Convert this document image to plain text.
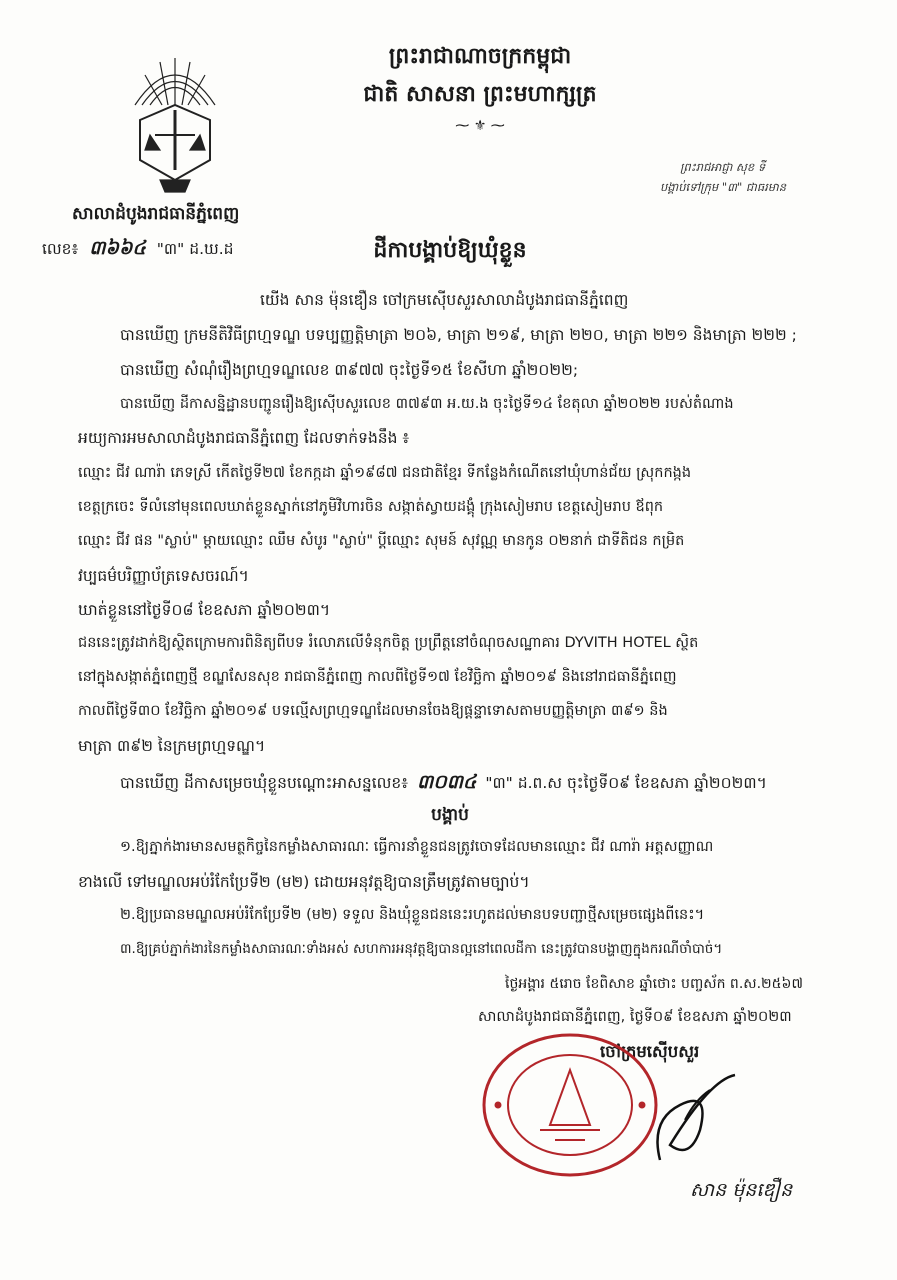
សាលាដំបូងរាជធានីភ្នំពេញ
ព្រះរាជាណាចក្រកម្ពុជា
ជាតិ សាសនា ព្រះមហាក្សត្រ
⁓ ⚜ ⁓
ព្រះរាជអាជ្ញា សុខ ទី
បង្គាប់ទៅក្រុម "៣" ជាធរមាន
លេខ៖ ៣៦៦៤ "៣" ដ.ឃ.ដ	ដីកាបង្គាប់ឱ្យឃុំខ្លួន
យើង សាន ម៉ុនឌឿន ចៅក្រមស៊ើបសួរសាលាដំបូងរាជធានីភ្នំពេញ
បានឃើញ ក្រមនីតិវិធីព្រហ្មទណ្ឌ បទប្បញ្ញត្តិមាត្រា ២០៦, មាត្រា ២១៩, មាត្រា ២២០, មាត្រា ២២១ និងមាត្រា ២២២ ;
បានឃើញ សំណុំរឿងព្រហ្មទណ្ឌលេខ ៣៩៧៧ ចុះថ្ងៃទី១៥ ខែសីហា ឆ្នាំ២០២២;
បានឃើញ ដីកាសន្និដ្ឋានបញ្ជូនរឿងឱ្យស៊ើបសួរលេខ ៣៧៩៣ អ.យ.ង ចុះថ្ងៃទី១៤ ខែតុលា ឆ្នាំ២០២២ របស់តំណាង
អយ្យការអមសាលាដំបូងរាជធានីភ្នំពេញ ដែលទាក់ទងនឹង ៖
ឈ្មោះ ជីវ ណារ៉ា ភេទស្រី កើតថ្ងៃទី២៧ ខែកក្កដា ឆ្នាំ១៩៨៧ ជនជាតិខ្មែរ ទីកន្លែងកំណើតនៅឃុំហាន់ជ័យ ស្រុកកង្កង
ខេត្តក្រចេះ ទីលំនៅមុនពេលឃាត់ខ្លួនស្នាក់នៅភូមិវិហារចិន សង្កាត់ស្វាយដង្គុំ ក្រុងសៀមរាប ខេត្តសៀមរាប ឪពុក
ឈ្មោះ ជីវ ផន "ស្លាប់" ម្តាយឈ្មោះ ឈឹម សំបូរ "ស្លាប់" ប្តីឈ្មោះ សុមន៍ សុវណ្ណ មានកូន ០២នាក់ ជាទីតិជន កម្រិត
វប្បធម៌បរិញ្ញាប័ត្រទេសចរណ៍។
ឃាត់ខ្លួននៅថ្ងៃទី០៨ ខែឧសភា ឆ្នាំ២០២៣។
ជននេះត្រូវដាក់ឱ្យស្ថិតក្រោមការពិនិត្យពីបទ រំលោភលើទំនុកចិត្ត ប្រព្រឹត្តនៅចំណុចសណ្ឋាគារ DYVITH HOTEL ស្ថិត
នៅក្នុងសង្កាត់ភ្នំពេញថ្មី ខណ្ឌសែនសុខ រាជធានីភ្នំពេញ កាលពីថ្ងៃទី១៧ ខែវិច្ឆិកា ឆ្នាំ២០១៩ និងនៅរាជធានីភ្នំពេញ
កាលពីថ្ងៃទី៣០ ខែវិច្ឆិកា ឆ្នាំ២០១៩ បទល្មើសព្រហ្មទណ្ឌដែលមានចែងឱ្យផ្តន្ទាទោសតាមបញ្ញត្តិមាត្រា ៣៩១ និង
មាត្រា ៣៩២ នៃក្រមព្រហ្មទណ្ឌ។
បានឃើញ ដីកាសម្រេចឃុំខ្លួនបណ្តោះអាសន្នលេខ៖ ៣០៣៤ "៣" ដ.ព.ស ចុះថ្ងៃទី០៩ ខែឧសភា ឆ្នាំ២០២៣។
បង្គាប់
១.ឱ្យភ្នាក់ងារមានសមត្ថកិច្ចនៃកម្លាំងសាធារណៈ ធ្វើការនាំខ្លួនជនត្រូវចោទដែលមានឈ្មោះ ជីវ ណារ៉ា អត្តសញ្ញាណ
ខាងលើ ទៅមណ្ឌលអប់រំកែប្រែទី២ (ម២) ដោយអនុវត្តឱ្យបានត្រឹមត្រូវតាមច្បាប់។
២.ឱ្យប្រធានមណ្ឌលអប់រំកែប្រែទី២ (ម២) ទទួល និងឃុំខ្លួនជននេះរហូតដល់មានបទបញ្ជាថ្មីសម្រេចផ្សេងពីនេះ។
៣.ឱ្យគ្រប់ភ្នាក់ងារនៃកម្លាំងសាធារណៈទាំងអស់ សហការអនុវត្តឱ្យបានល្អនៅពេលដីកា នេះត្រូវបានបង្ហាញក្នុងករណីចាំបាច់។
ថ្ងៃអង្គារ ៥រោច ខែពិសាខ ឆ្នាំថោះ បញ្ចស័ក ព.ស.២៥៦៧
សាលាដំបូងរាជធានីភ្នំពេញ, ថ្ងៃទី០៩ ខែឧសភា ឆ្នាំ២០២៣
ចៅក្រមស៊ើបសួរ
សាន ម៉ុនឌឿន
